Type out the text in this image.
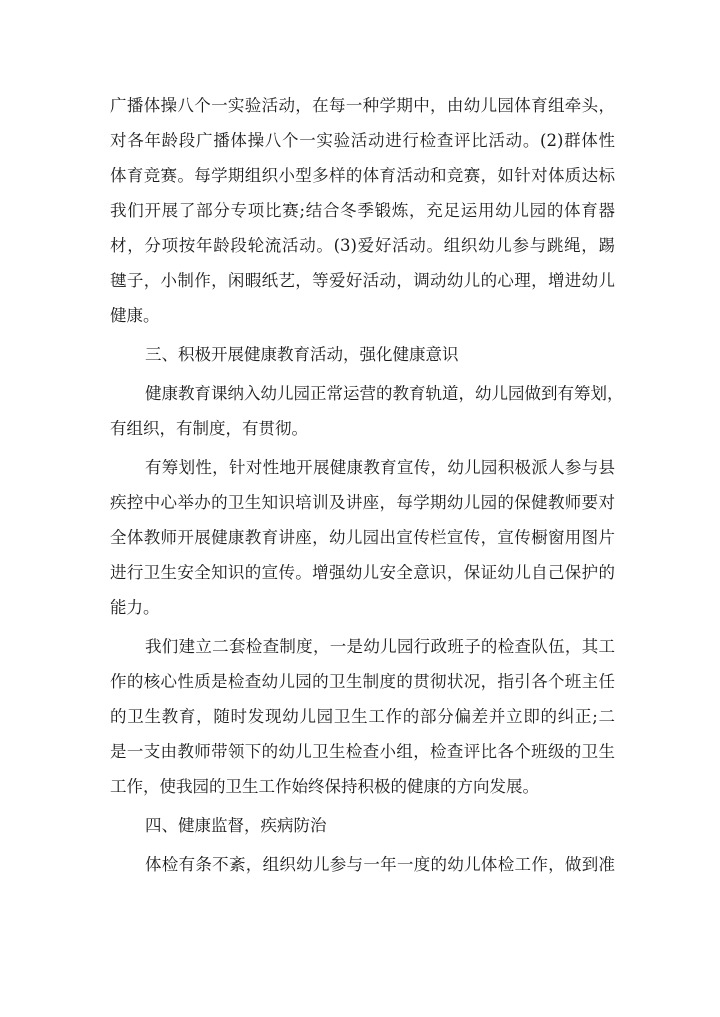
广播体操八个一实验活动，在每一种学期中，由幼儿园体育组牵头，
对各年龄段广播体操八个一实验活动进行检查评比活动。(2)群体性
体育竞赛。每学期组织小型多样的体育活动和竞赛，如针对体质达标
我们开展了部分专项比赛;结合冬季锻炼，充足运用幼儿园的体育器
材，分项按年龄段轮流活动。(3)爱好活动。组织幼儿参与跳绳，踢
毽子，小制作，闲暇纸艺，等爱好活动，调动幼儿的心理，增进幼儿
健康。
三、积极开展健康教育活动，强化健康意识
健康教育课纳入幼儿园正常运营的教育轨道，幼儿园做到有筹划，
有组织，有制度，有贯彻。
有筹划性，针对性地开展健康教育宣传，幼儿园积极派人参与县
疾控中心举办的卫生知识培训及讲座，每学期幼儿园的保健教师要对
全体教师开展健康教育讲座，幼儿园出宣传栏宣传，宣传橱窗用图片
进行卫生安全知识的宣传。增强幼儿安全意识，保证幼儿自己保护的
能力。
我们建立二套检查制度，一是幼儿园行政班子的检查队伍，其工
作的核心性质是检查幼儿园的卫生制度的贯彻状况，指引各个班主任
的卫生教育，随时发现幼儿园卫生工作的部分偏差并立即的纠正;二
是一支由教师带领下的幼儿卫生检查小组，检查评比各个班级的卫生
工作，使我园的卫生工作始终保持积极的健康的方向发展。
四、健康监督，疾病防治
体检有条不紊，组织幼儿参与一年一度的幼儿体检工作，做到准
